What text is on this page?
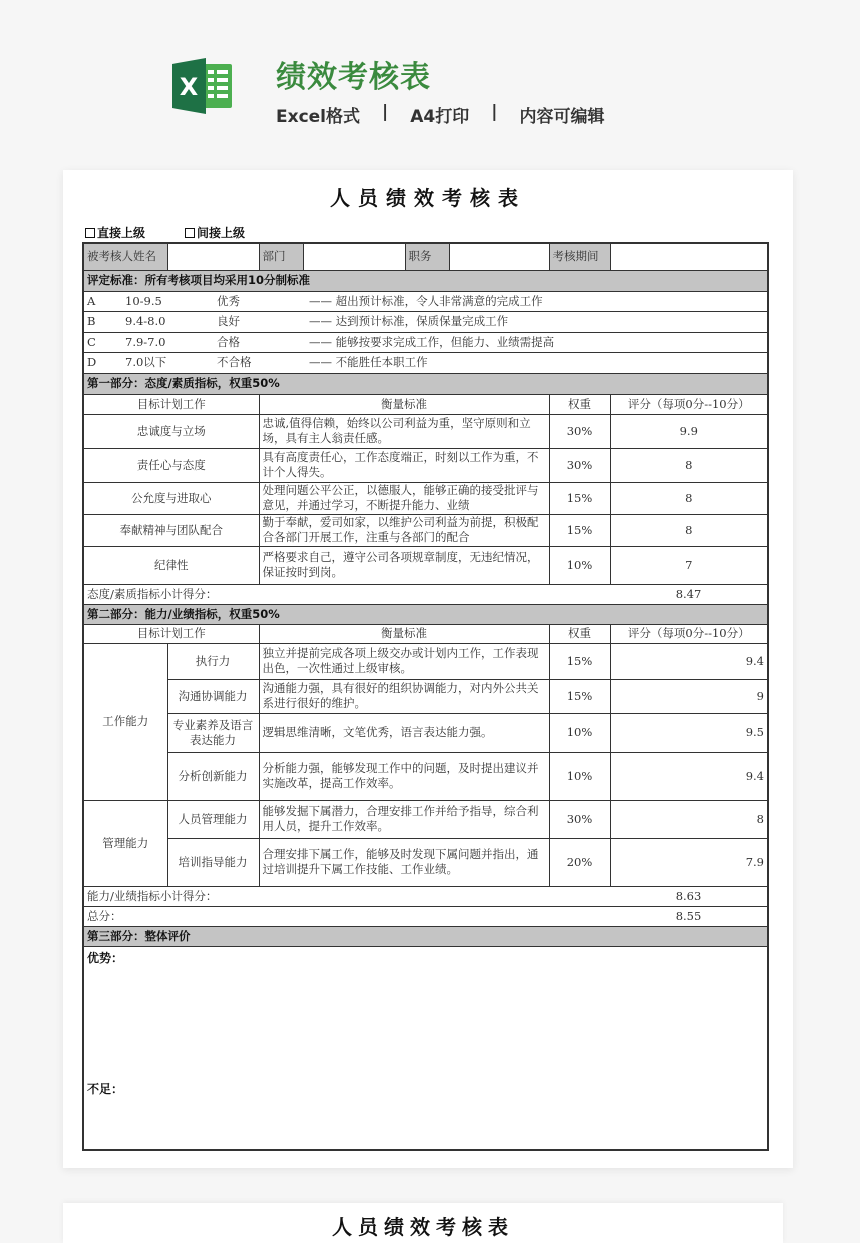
X	绩效考核表
Excel格式 | A4打印 | 内容可编辑
人员绩效考核表
直接上级	间接上级
被考核人姓名		部门		职务		考核期间	
评定标准：所有考核项目均采用10分制标准							
A 10-9.5 优秀 —— 超出预计标准，令人非常满意的完成工作							
B 9.4-8.0 良好 —— 达到预计标准，保质保量完成工作							
C 7.9-7.0 合格 —— 能够按要求完成工作，但能力、业绩需提高							
D 7.0以下 不合格 —— 不能胜任本职工作							
第一部分：态度/素质指标，权重50%							
目标计划工作		衡量标准				权重	评分（每项0分--10分）
忠诚度与立场		忠诚,值得信赖，始终以公司利益为重，坚守原则和立场，具有主人翁责任感。				30%	9.9
责任心与态度		具有高度责任心，工作态度端正，时刻以工作为重，不计个人得失。				30%	8
公允度与进取心		处理问题公平公正，以德服人，能够正确的接受批评与意见，并通过学习，不断提升能力、业绩				15%	8
奉献精神与团队配合		勤于奉献，爱司如家，以维护公司利益为前提，积极配合各部门开展工作，注重与各部门的配合				15%	8
纪律性		严格要求自己，遵守公司各项规章制度，无违纪情况，保证按时到岗。				10%	7
态度/素质指标小计得分：							8.47
第二部分：能力/业绩指标，权重50%							
目标计划工作		衡量标准				权重	评分（每项0分--10分）
工作能力	执行力	独立并提前完成各项上级交办或计划内工作，工作表现出色，一次性通过上级审核。				15%	9.4
	沟通协调能力	沟通能力强，具有很好的组织协调能力，对内外公共关系进行很好的维护。				15%	9
	专业素养及语言表达能力	逻辑思维清晰，文笔优秀，语言表达能力强。				10%	9.5
	分析创新能力	分析能力强，能够发现工作中的问题，及时提出建议并实施改革，提高工作效率。				10%	9.4
管理能力	人员管理能力	能够发掘下属潜力，合理安排工作并给予指导，综合利用人员，提升工作效率。				30%	8
	培训指导能力	合理安排下属工作，能够及时发现下属问题并指出，通过培训提升下属工作技能、工作业绩。				20%	7.9
能力/业绩指标小计得分：							8.63
总分：							8.55
第三部分：整体评价							

优势：
不足：							
人员绩效考核表
